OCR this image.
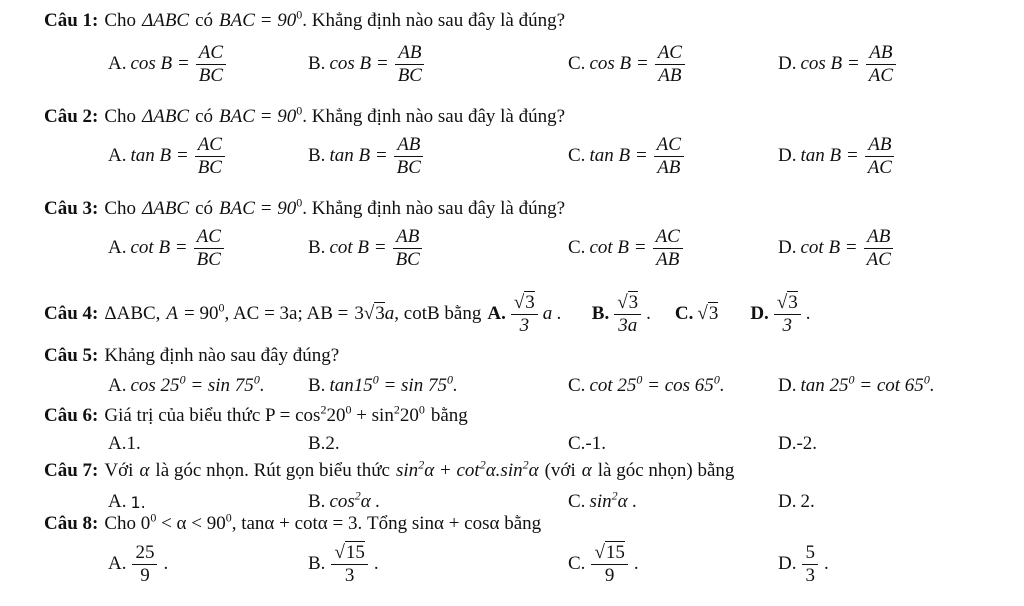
Câu 1: Cho ΔABC có BAC = $90^0$. Khẳng định nào sau đây là đúng?
A. $\cos B = \frac{AC}{BC}$	B. $\cos B = \frac{AB}{BC}$	C. $\cos B = \frac{AC}{AB}$	D. $\cos B = \frac{AB}{AC}$
Câu 2: Cho ΔABC có BAC = $90^0$. Khẳng định nào sau đây là đúng?
A. $\tan B = \frac{AC}{BC}$	B. $\tan B = \frac{AB}{BC}$	C. $\tan B = \frac{AC}{AB}$	D. $\tan B = \frac{AB}{AC}$
Câu 3: Cho ΔABC có BAC = $90^0$. Khẳng định nào sau đây là đúng?
A. $\cot B = \frac{AC}{BC}$	B. $\cot B = \frac{AB}{BC}$	C. $\cot B = \frac{AC}{AB}$	D. $\cot B = \frac{AB}{AC}$
Câu 4: ΔABC, $A = 90^0$, AC = 3a; AB = 3√3a, cotB bằng A. $\frac{√3}{3}$ a . B. $\frac{√3}{3a}$ . C. √3 D. $\frac{√3}{3}$ .
Câu 5: Khảng định nào sau đây đúng?
A. $\cos 25^0 = \sin 75^0$. B. $\tan 15^0 = \sin 75^0$.	C. $\cot 25^0 = \cos 65^0$.	D. $\tan 25^0 = \cot 65^0$.
Câu 6: Giá trị của biểu thức $P = \cos^220^0 + \sin^220^0$ bằng
A.1.	B.2.	C.-1.	D.-2.
Câu 7: Với α là góc nhọn. Rút gọn biểu thức $\sin^2\alpha + \cot^2\alpha.\sin^2\alpha$ (với α là góc nhọn) bằng
A. 1.	B. $\cos^2\alpha$ .	C. $\sin^2\alpha$ .	D. 2.
Câu 8: Cho $0^0 < \alpha < 90^0$, tanα + cotα = 3. Tổng sinα + cosα bằng
A. $\frac{25}{9}$ .	B. $\frac{√15}{3}$ .	C. $\frac{√15}{9}$ .	D. $\frac{5}{3}$ .
